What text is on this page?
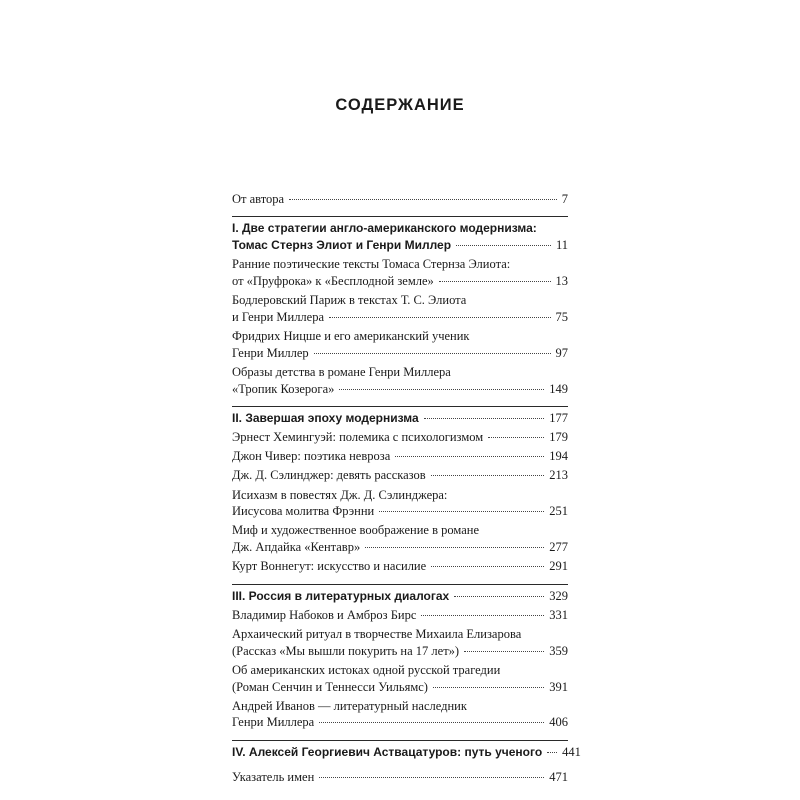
СОДЕРЖАНИЕ
От автора	7
I. Две стратегии англо-американского модернизма:
Томас Стернз Элиот и Генри Миллер	11
Ранние поэтические тексты Томаса Стернза Элиота:
от «Пруфрока» к «Бесплодной земле»	13
Бодлеровский Париж в текстах Т. С. Элиота
и Генри Миллера	75
Фридрих Ницше и его американский ученик
Генри Миллер	97
Образы детства в романе Генри Миллера
«Тропик Козерога»	149
II. Завершая эпоху модернизма	177
Эрнест Хемингуэй: полемика с психологизмом	179
Джон Чивер: поэтика невроза	194
Дж. Д. Сэлинджер: девять рассказов	213
Исихазм в повестях Дж. Д. Сэлинджера:
Иисусова молитва Фрэнни	251
Миф и художественное воображение в романе
Дж. Апдайка «Кентавр»	277
Курт Воннегут: искусство и насилие	291
III. Россия в литературных диалогах	329
Владимир Набоков и Амброз Бирс	331
Архаический ритуал в творчестве Михаила Елизарова
(Рассказ «Мы вышли покурить на 17 лет»)	359
Об американских истоках одной русской трагедии
(Роман Сенчин и Теннесси Уильямс)	391
Андрей Иванов — литературный наследник
Генри Миллера	406
IV. Алексей Георгиевич Аствацатуров: путь ученого 441
Указатель имен	471
